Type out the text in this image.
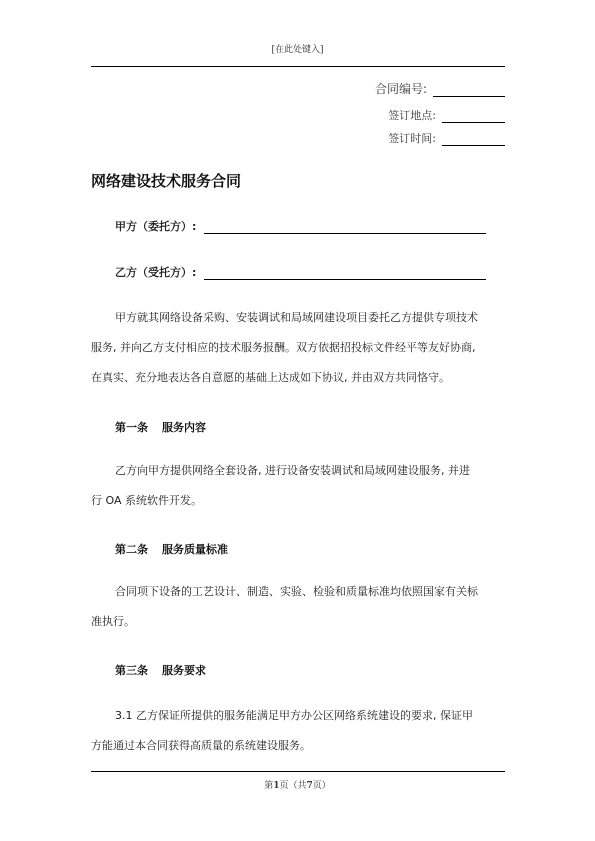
[在此处键入]
合同编号:
签订地点:
签订时间:
网络建设技术服务合同
甲方（委托方）:
乙方（受托方）:
甲方就其网络设备采购、安装调试和局域网建设项目委托乙方提供专项技术
服务, 并向乙方支付相应的技术服务报酬。双方依据招投标文件经平等友好协商,
在真实、充分地表达各自意愿的基础上达成如下协议, 并由双方共同恪守。
第一条 服务内容
乙方向甲方提供网络全套设备, 进行设备安装调试和局域网建设服务, 并进
行 OA 系统软件开发。
第二条 服务质量标准
合同项下设备的工艺设计、制造、实验、检验和质量标准均依照国家有关标
准执行。
第三条 服务要求
3.1 乙方保证所提供的服务能满足甲方办公区网络系统建设的要求, 保证甲
方能通过本合同获得高质量的系统建设服务。
第1页（共7页）
